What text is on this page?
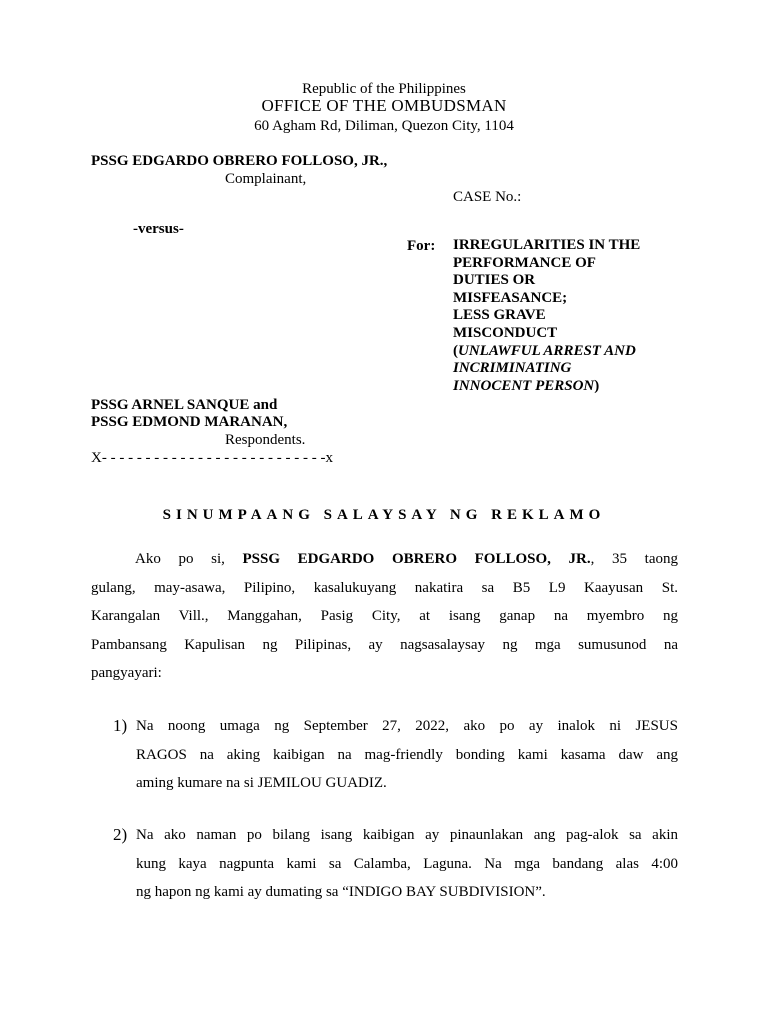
Republic of the Philippines
OFFICE OF THE OMBUDSMAN
60 Agham Rd, Diliman, Quezon City, 1104
PSSG EDGARDO OBRERO FOLLOSO, JR.,
Complainant,
CASE No.:
-versus-
For: IRREGULARITIES IN THE
PERFORMANCE OF
DUTIES OR
MISFEASANCE;
LESS GRAVE
MISCONDUCT
(UNLAWFUL ARREST AND
INCRIMINATING
INNOCENT PERSON)
PSSG ARNEL SANQUE and
PSSG EDMOND MARANAN,
Respondents.
X- - - - - - - - - - - - - - - - - - - - - - - - - -x
SINUMPAANG SALAYSAY NG REKLAMO
Ako po si, PSSG EDGARDO OBRERO FOLLOSO, JR., 35 taong
gulang, may-asawa, Pilipino, kasalukuyang nakatira sa B5 L9 Kaayusan St.
Karangalan Vill., Manggahan, Pasig City, at isang ganap na myembro ng
Pambansang Kapulisan ng Pilipinas, ay nagsasalaysay ng mga sumusunod na
pangyayari:
1) Na noong umaga ng September 27, 2022, ako po ay inalok ni JESUS
RAGOS na aking kaibigan na mag-friendly bonding kami kasama daw ang
aming kumare na si JEMILOU GUADIZ.
2) Na ako naman po bilang isang kaibigan ay pinaunlakan ang pag-alok sa akin
kung kaya nagpunta kami sa Calamba, Laguna. Na mga bandang alas 4:00
ng hapon ng kami ay dumating sa “INDIGO BAY SUBDIVISION”.
